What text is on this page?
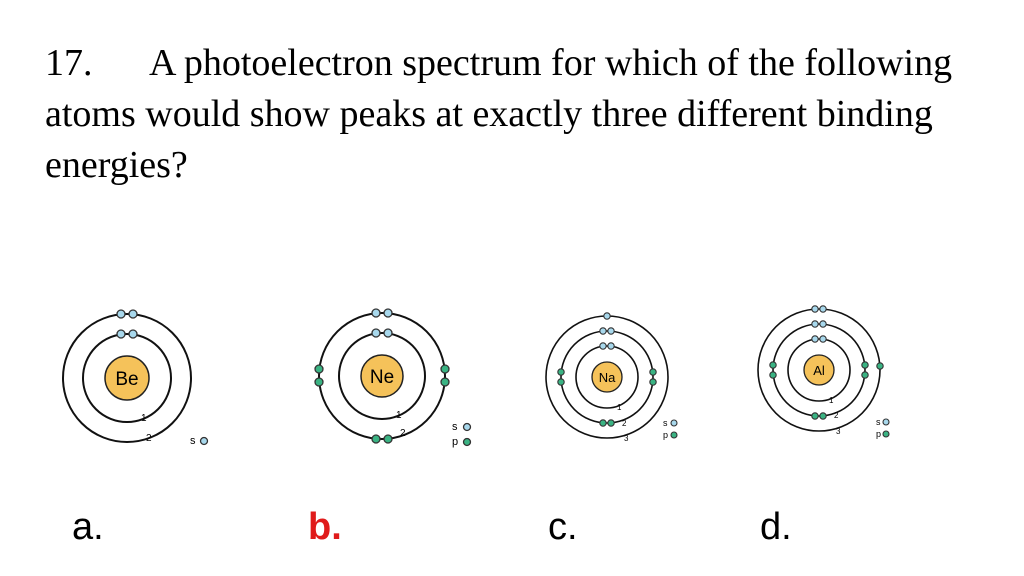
17. A photoelectron spectrum for which of the following atoms would show peaks at exactly three different binding energies?
Be
1
2	s
Ne
1
2
s
p
Na
1
2
3
s
p
Al
1
2
3
s
p
a.	b.	c.	d.
